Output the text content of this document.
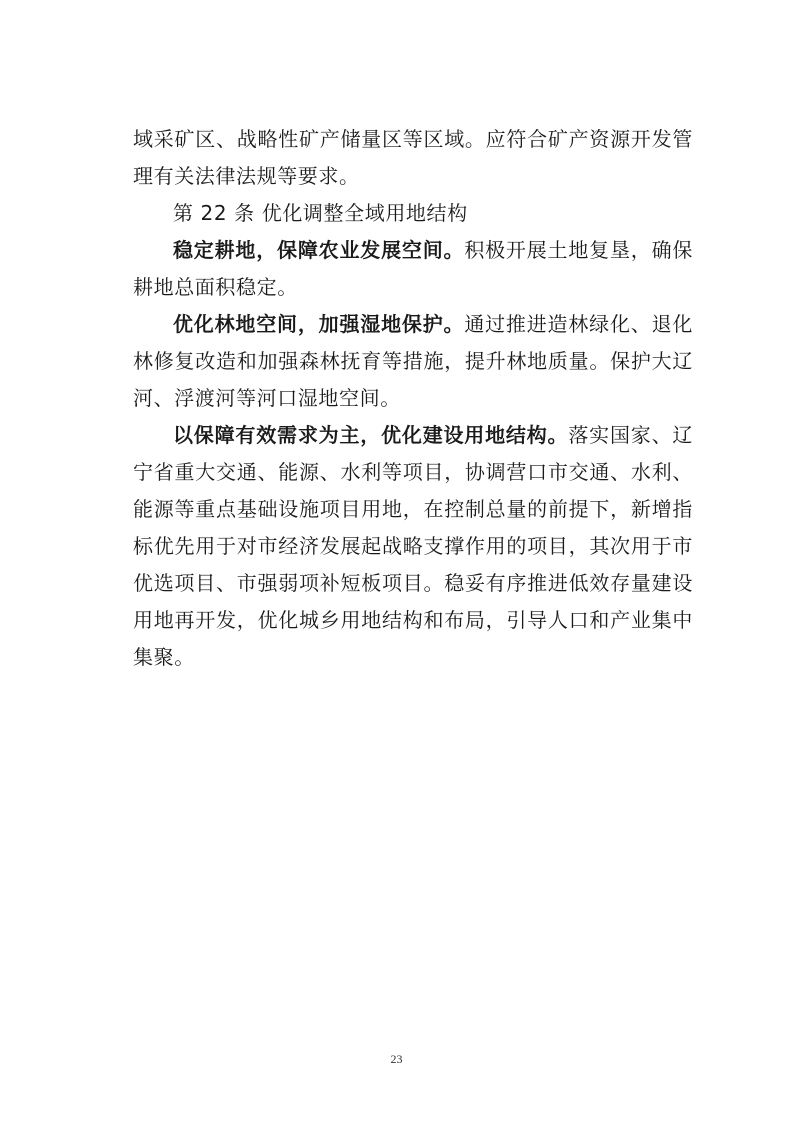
域采矿区、战略性矿产储量区等区域。应符合矿产资源开发管理有关法律法规等要求。

第 22 条 优化调整全域用地结构

稳定耕地，保障农业发展空间。积极开展土地复垦，确保耕地总面积稳定。

优化林地空间，加强湿地保护。通过推进造林绿化、退化林修复改造和加强森林抚育等措施，提升林地质量。保护大辽河、浮渡河等河口湿地空间。

以保障有效需求为主，优化建设用地结构。落实国家、辽宁省重大交通、能源、水利等项目，协调营口市交通、水利、能源等重点基础设施项目用地，在控制总量的前提下，新增指标优先用于对市经济发展起战略支撑作用的项目，其次用于市优选项目、市强弱项补短板项目。稳妥有序推进低效存量建设用地再开发，优化城乡用地结构和布局，引导人口和产业集中集聚。

23
